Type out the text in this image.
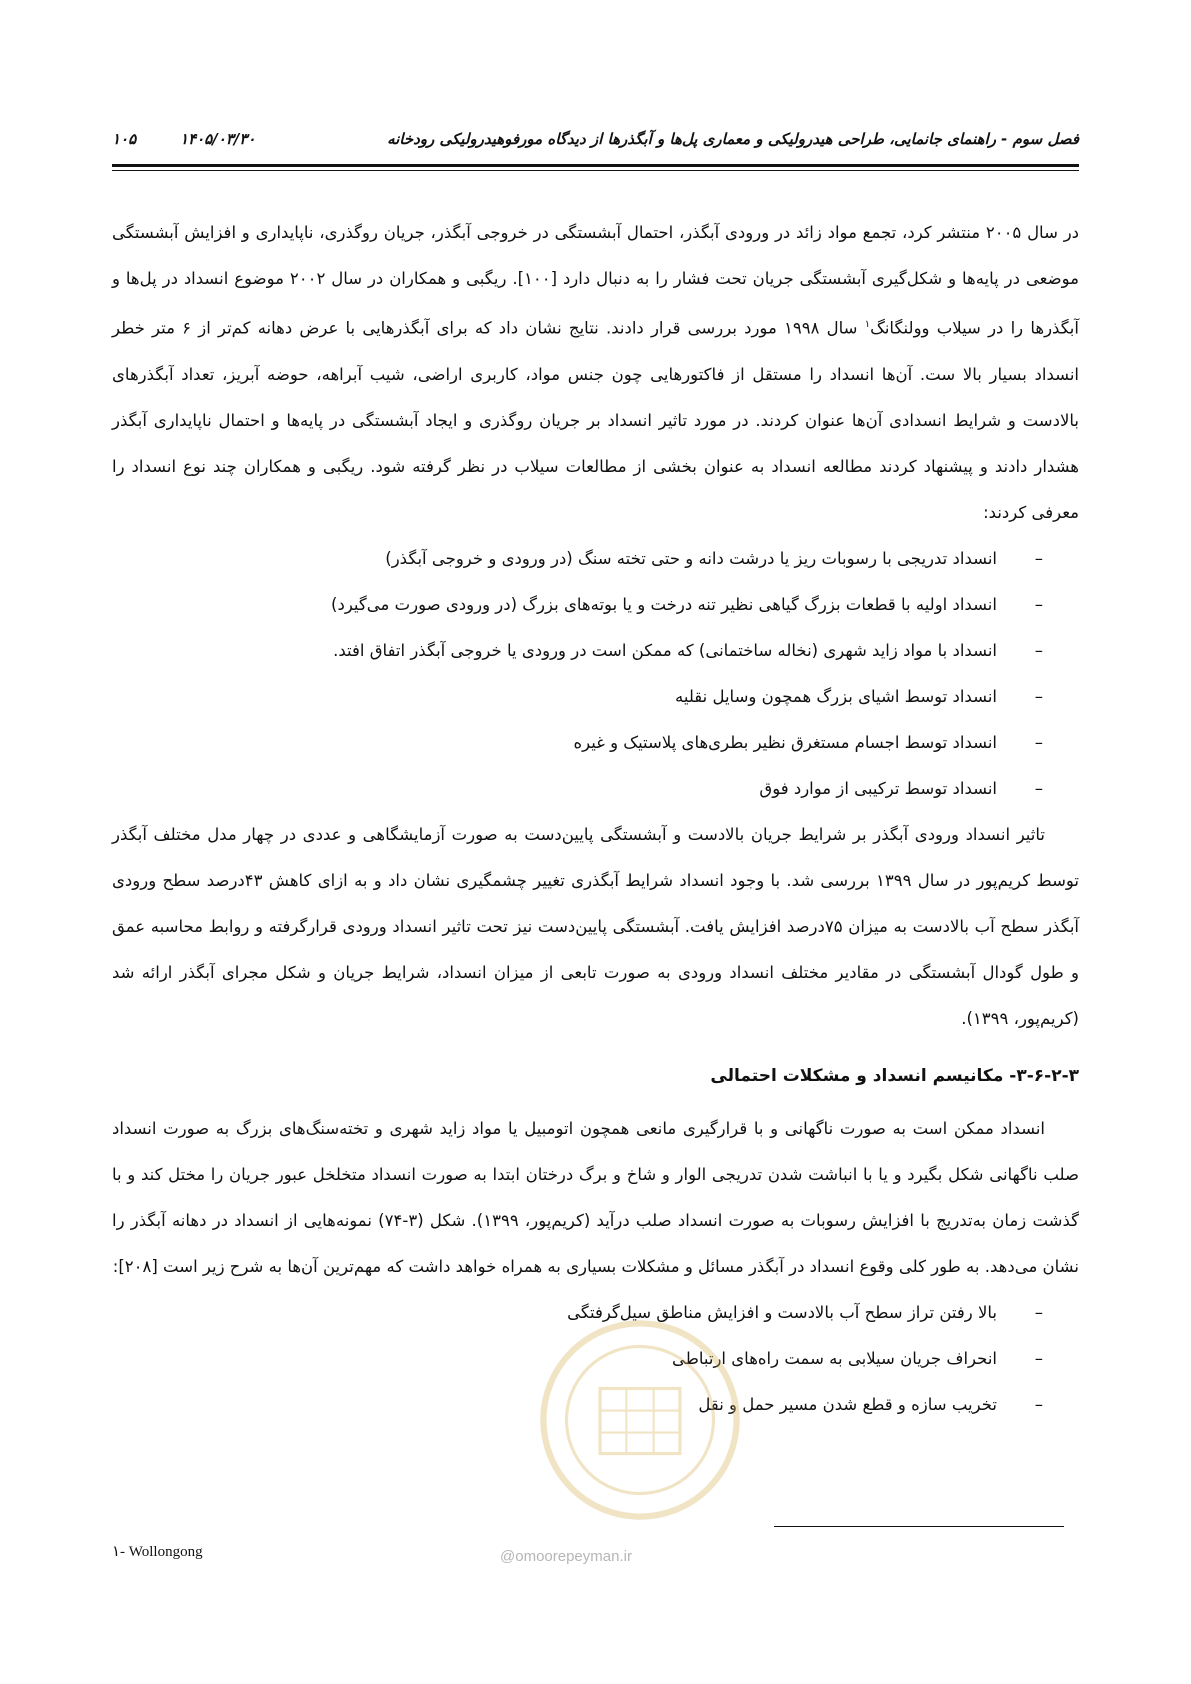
فصل سوم - راهنمای جانمایی، طراحی هیدرولیکی و معماری پل‌ها و آبگذرها از دیدگاه مورفوهیدرولیکی رودخانه
۱۴۰۵/۰۳/۳۰
۱۰۵

در سال ۲۰۰۵ منتشر کرد، تجمع مواد زائد در ورودی آبگذر، احتمال آبشستگی در خروجی آبگذر، جریان روگذری، ناپایداری و افزایش آبشستگی موضعی در پایه‌ها و شکل‌گیری آبشستگی جریان تحت فشار را به دنبال دارد [۱۰۰]. ریگبی و همکاران در سال ۲۰۰۲ موضوع انسداد در پل‌ها و آبگذرها را در سیلاب وولنگانگ$^۱$ سال ۱۹۹۸ مورد بررسی قرار دادند. نتایج نشان داد که برای آبگذرهایی با عرض دهانه کم‌تر از ۶ متر خطر انسداد بسیار بالا ست. آن‌ها انسداد را مستقل از فاکتورهایی چون جنس مواد، کاربری اراضی، شیب آبراهه، حوضه آبریز، تعداد آبگذرهای بالادست و شرایط انسدادی آن‌ها عنوان کردند. در مورد تاثیر انسداد بر جریان روگذری و ایجاد آبشستگی در پایه‌ها و احتمال ناپایداری آبگذر هشدار دادند و پیشنهاد کردند مطالعه انسداد به عنوان بخشی از مطالعات سیلاب در نظر گرفته شود. ریگبی و همکاران چند نوع انسداد را معرفی کردند:

–
انسداد تدریجی با رسوبات ریز یا درشت دانه و حتی تخته سنگ (در ورودی و خروجی آبگذر)
–
انسداد اولیه با قطعات بزرگ گیاهی نظیر تنه درخت و یا بوته‌های بزرگ (در ورودی صورت می‌گیرد)
–
انسداد با مواد زاید شهری (نخاله ساختمانی) که ممکن است در ورودی یا خروجی آبگذر اتفاق افتد.
–
انسداد توسط اشیای بزرگ همچون وسایل نقلیه
–
انسداد توسط اجسام مستغرق نظیر بطری‌های پلاستیک و غیره
–
انسداد توسط ترکیبی از موارد فوق

تاثیر انسداد ورودی آبگذر بر شرایط جریان بالادست و آبشستگی پایین‌دست به صورت آزمایشگاهی و عددی در چهار مدل مختلف آبگذر توسط کریم‌پور در سال ۱۳۹۹ بررسی شد. با وجود انسداد شرایط آبگذری تغییر چشمگیری نشان داد و به ازای کاهش ۴۳درصد سطح ورودی آبگذر سطح آب بالادست به میزان ۷۵درصد افزایش یافت. آبشستگی پایین‌دست نیز تحت تاثیر انسداد ورودی قرارگرفته و روابط محاسبه عمق و طول گودال آبشستگی در مقادیر مختلف انسداد ورودی به صورت تابعی از میزان انسداد، شرایط جریان و شکل مجرای آبگذر ارائه شد (کریم‌پور، ۱۳۹۹).

۳-۶-۲-۳- مکانیسم انسداد و مشکلات احتمالی

انسداد ممکن است به صورت ناگهانی و با قرارگیری مانعی همچون اتومبیل یا مواد زاید شهری و تخته‌سنگ‌های بزرگ به صورت انسداد صلب ناگهانی شکل بگیرد و یا با انباشت شدن تدریجی الوار و شاخ و برگ درختان ابتدا به صورت انسداد متخلخل عبور جریان را مختل کند و با گذشت زمان به‌تدریج با افزایش رسوبات به صورت انسداد صلب درآید (کریم‌پور، ۱۳۹۹). شکل (۳-۷۴) نمونه‌هایی از انسداد در دهانه آبگذر را نشان می‌دهد. به طور کلی وقوع انسداد در آبگذر مسائل و مشکلات بسیاری به همراه خواهد داشت که مهم‌ترین آن‌ها به شرح زیر است [۲۰۸]:

–
بالا رفتن تراز سطح آب بالادست و افزایش مناطق سیل‌گرفتگی
–
انحراف جریان سیلابی به سمت راه‌های ارتباطی
–
تخریب سازه و قطع شدن مسیر حمل و نقل
@omoorepeyman.ir
۱- Wollongong
